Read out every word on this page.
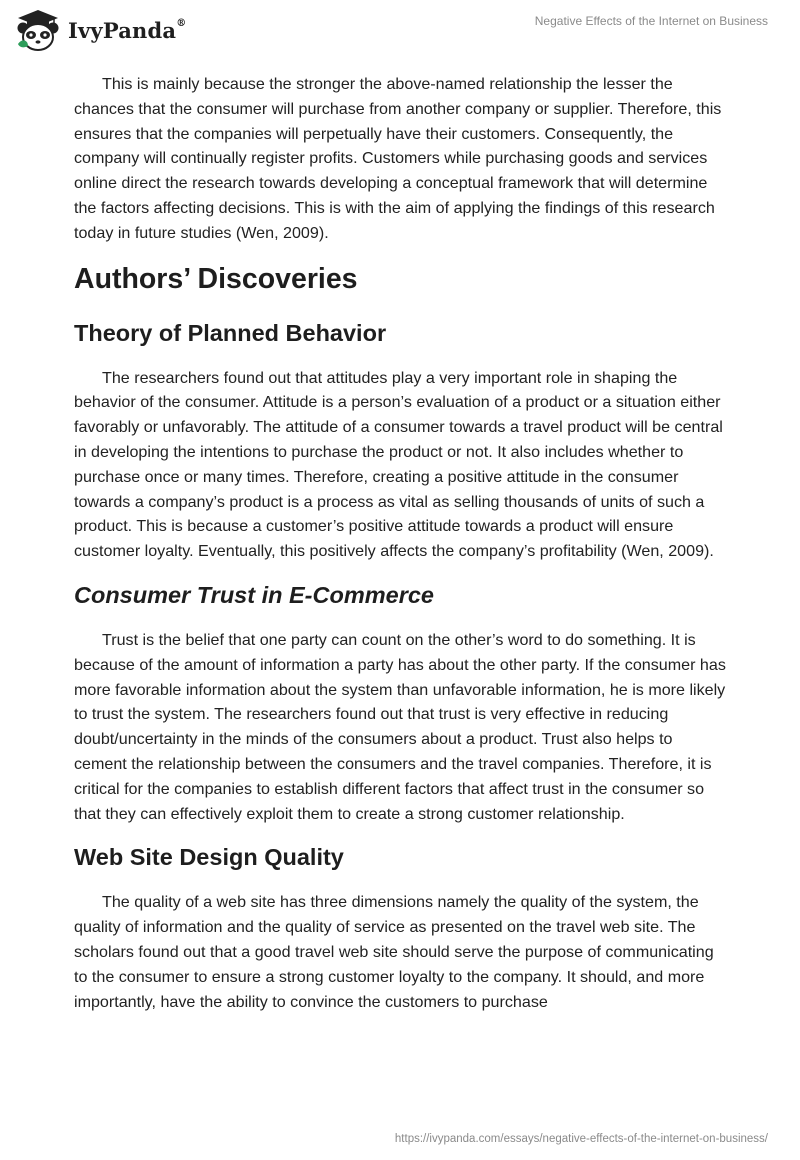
IvyPanda®	Negative Effects of the Internet on Business

This is mainly because the stronger the above-named relationship the lesser the chances that the consumer will purchase from another company or supplier. Therefore, this ensures that the companies will perpetually have their customers. Consequently, the company will continually register profits. Customers while purchasing goods and services online direct the research towards developing a conceptual framework that will determine the factors affecting decisions. This is with the aim of applying the findings of this research today in future studies (Wen, 2009).

Authors’ Discoveries
Theory of Planned Behavior

The researchers found out that attitudes play a very important role in shaping the behavior of the consumer. Attitude is a person’s evaluation of a product or a situation either favorably or unfavorably. The attitude of a consumer towards a travel product will be central in developing the intentions to purchase the product or not. It also includes whether to purchase once or many times. Therefore, creating a positive attitude in the consumer towards a company’s product is a process as vital as selling thousands of units of such a product. This is because a customer’s positive attitude towards a product will ensure customer loyalty. Eventually, this positively affects the company’s profitability (Wen, 2009).

Consumer Trust in E-Commerce

Trust is the belief that one party can count on the other’s word to do something. It is because of the amount of information a party has about the other party. If the consumer has more favorable information about the system than unfavorable information, he is more likely to trust the system. The researchers found out that trust is very effective in reducing doubt/uncertainty in the minds of the consumers about a product. Trust also helps to cement the relationship between the consumers and the travel companies. Therefore, it is critical for the companies to establish different factors that affect trust in the consumer so that they can effectively exploit them to create a strong customer relationship.

Web Site Design Quality

The quality of a web site has three dimensions namely the quality of the system, the quality of information and the quality of service as presented on the travel web site. The scholars found out that a good travel web site should serve the purpose of communicating to the consumer to ensure a strong customer loyalty to the company. It should, and more importantly, have the ability to convince the customers to purchase

https://ivypanda.com/essays/negative-effects-of-the-internet-on-business/
